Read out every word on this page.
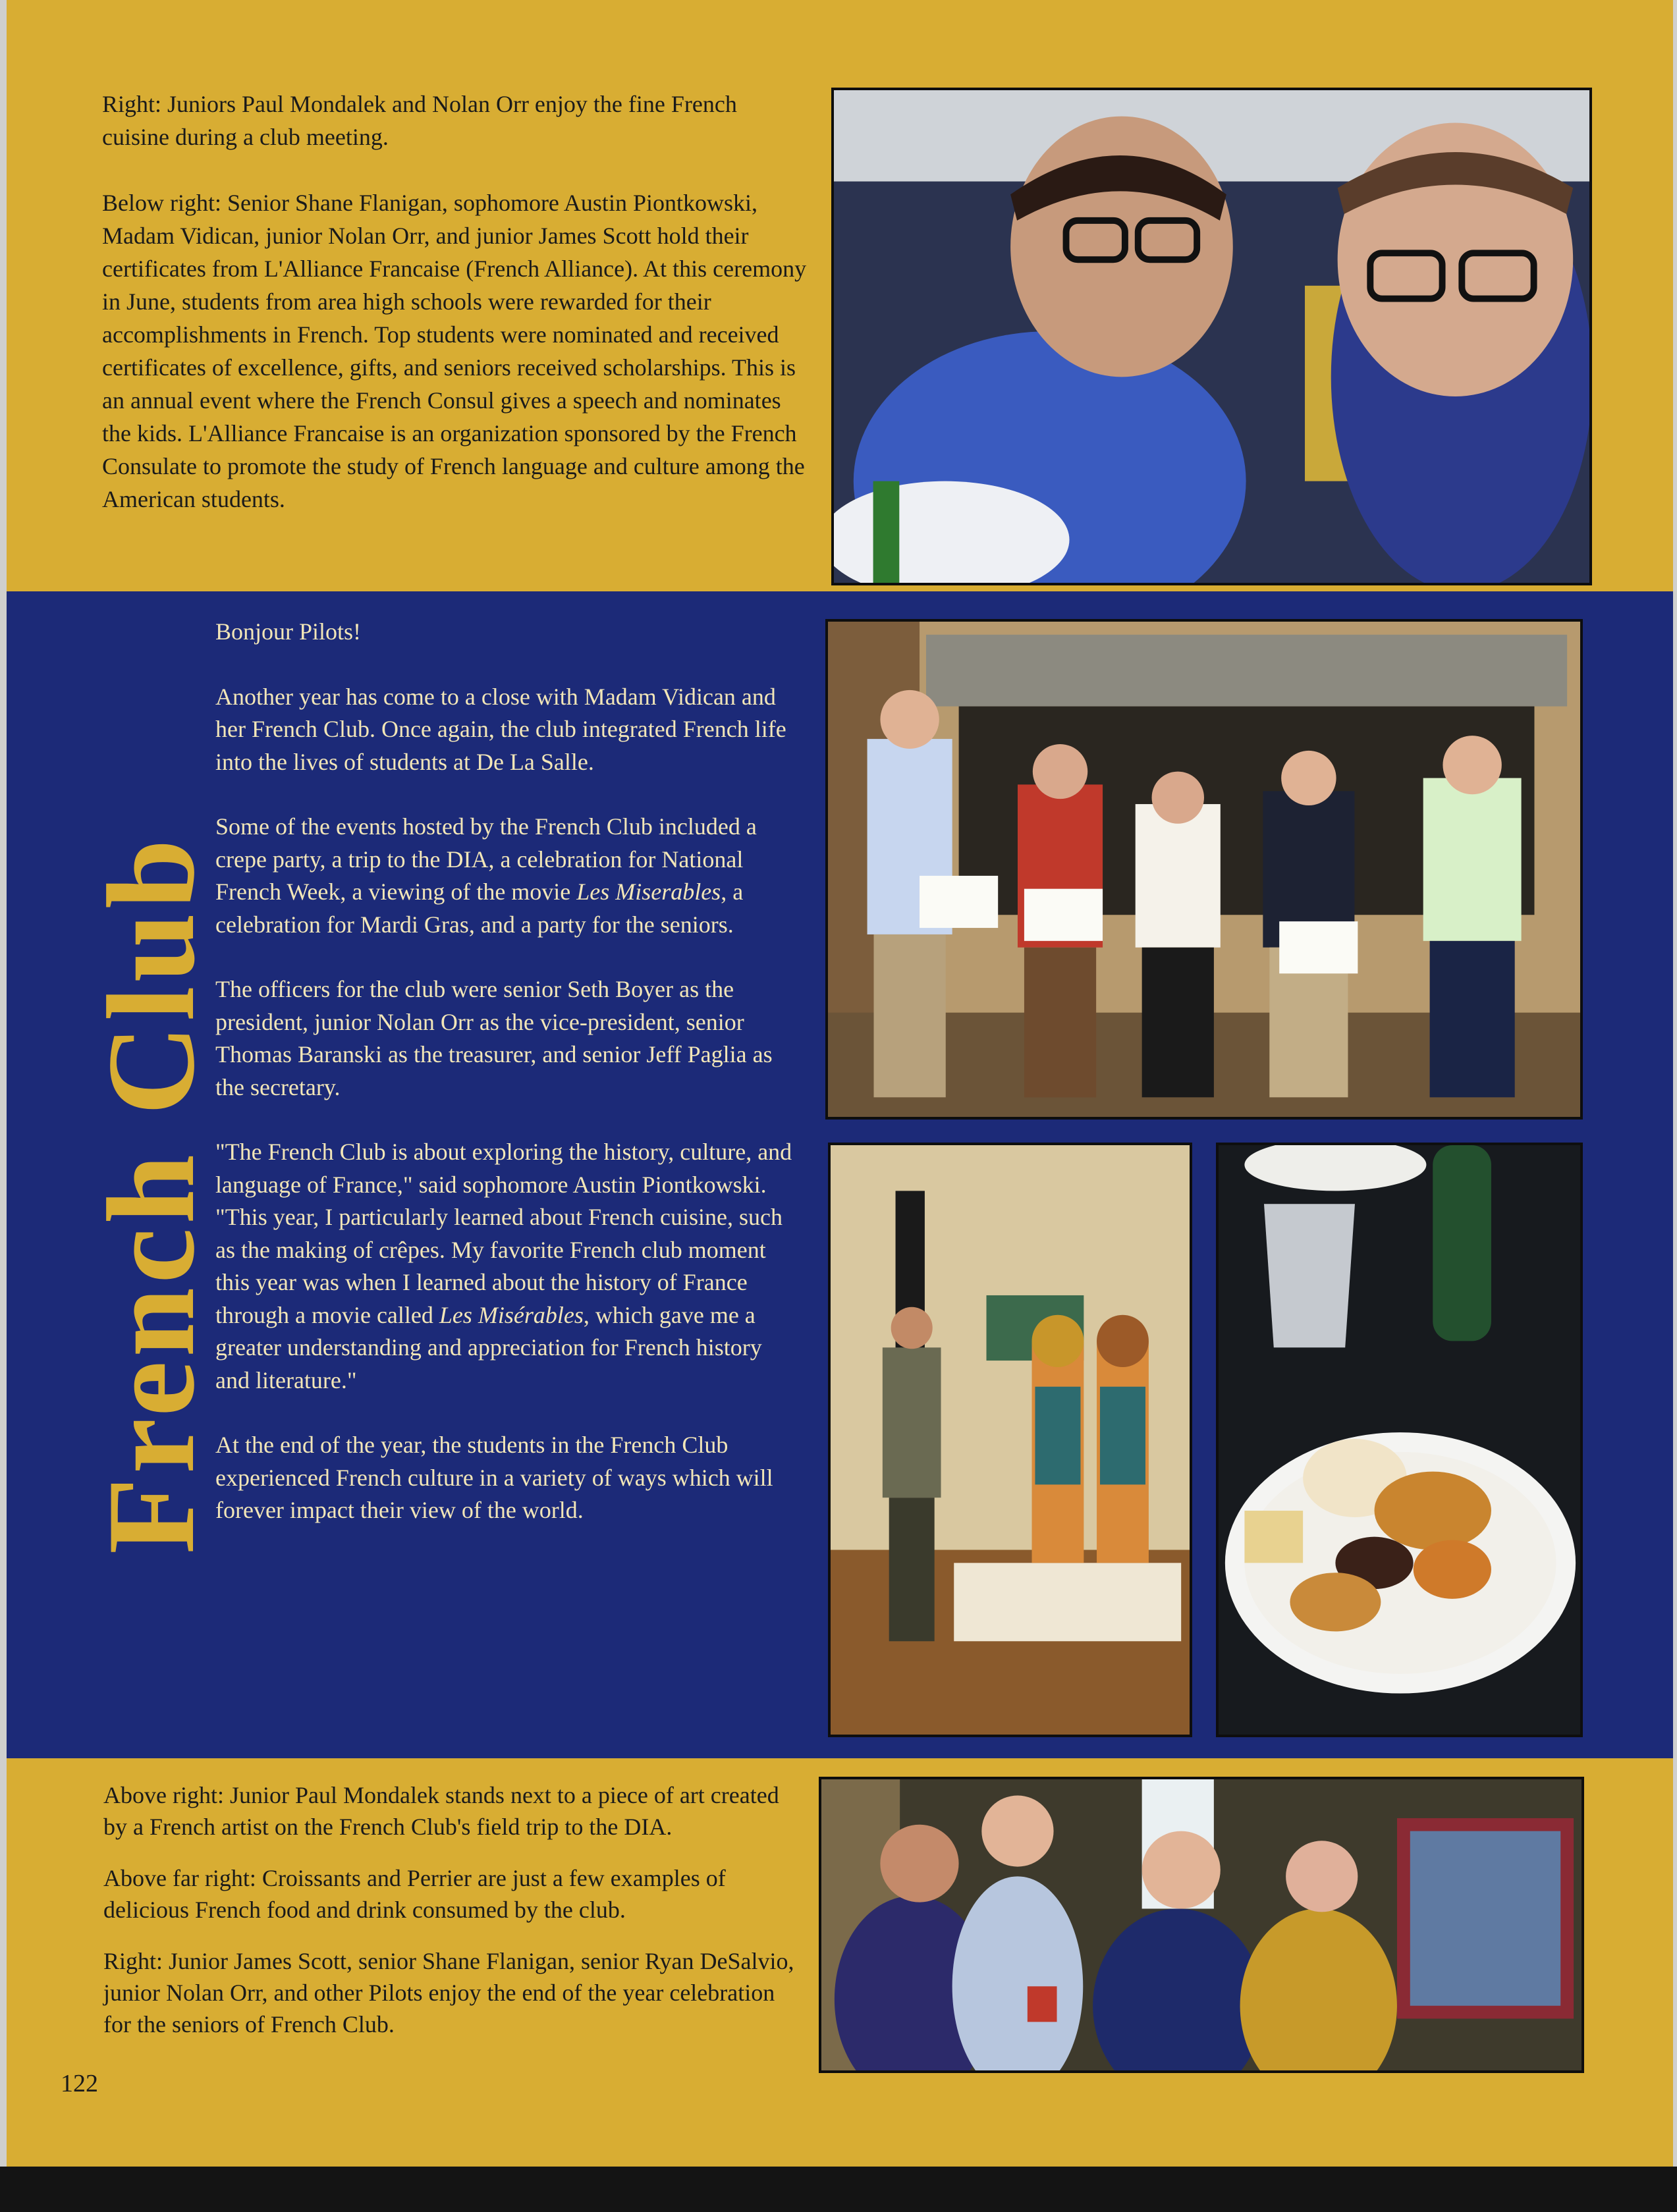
Right: Juniors Paul Mondalek and Nolan Orr enjoy the fine French cuisine during a club meeting.

Below right: Senior Shane Flanigan, sophomore Austin Piontkowski, Madam Vidican, junior Nolan Orr, and junior James Scott hold their certificates from L'Alliance Francaise (French Alliance). At this ceremony in June, students from area high schools were rewarded for their accomplishments in French. Top students were nominated and received certificates of excellence, gifts, and seniors received scholarships. This is an annual event where the French Consul gives a speech and nominates the kids. L'Alliance Francaise is an organization sponsored by the French Consulate to promote the study of French language and culture among the American students.

French Club

Bonjour Pilots!

Another year has come to a close with Madam Vidican and her French Club. Once again, the club integrated French life into the lives of students at De La Salle.

Some of the events hosted by the French Club included a crepe party, a trip to the DIA, a celebration for National French Week, a viewing of the movie Les Miserables, a celebration for Mardi Gras, and a party for the seniors.

The officers for the club were senior Seth Boyer as the president, junior Nolan Orr as the vice-president, senior Thomas Baranski as the treasurer, and senior Jeff Paglia as the secretary.

"The French Club is about exploring the history, culture, and language of France," said sophomore Austin Piontkowski. "This year, I particularly learned about French cuisine, such as the making of crêpes. My favorite French club moment this year was when I learned about the history of France through a movie called Les Misérables, which gave me a greater understanding and appreciation for French history and literature."

At the end of the year, the students in the French Club experienced French culture in a variety of ways which will forever impact their view of the world.

Above right: Junior Paul Mondalek stands next to a piece of art created by a French artist on the French Club's field trip to the DIA.

Above far right: Croissants and Perrier are just a few examples of delicious French food and drink consumed by the club.

Right: Junior James Scott, senior Shane Flanigan, senior Ryan DeSalvio, junior Nolan Orr, and other Pilots enjoy the end of the year celebration for the seniors of French Club.

122
